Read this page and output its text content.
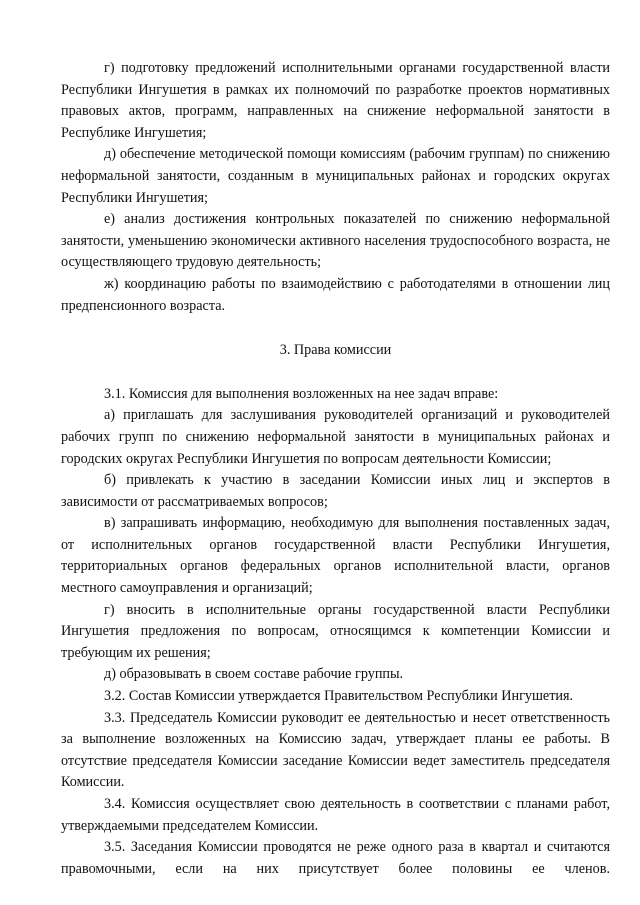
г) подготовку предложений исполнительными органами государственной власти Республики Ингушетия в рамках их полномочий по разработке проектов нормативных правовых актов, программ, направленных на снижение неформальной занятости в Республике Ингушетия;

д) обеспечение методической помощи комиссиям (рабочим группам) по снижению неформальной занятости, созданным в муниципальных районах и городских округах Республики Ингушетия;

е) анализ достижения контрольных показателей по снижению неформальной занятости, уменьшению экономически активного населения трудоспособного возраста, не осуществляющего трудовую деятельность;

ж) координацию работы по взаимодействию с работодателями в отношении лиц предпенсионного возраста.

3. Права комиссии

3.1. Комиссия для выполнения возложенных на нее задач вправе:

а) приглашать для заслушивания руководителей организаций и руководителей рабочих групп по снижению неформальной занятости в муниципальных районах и городских округах Республики Ингушетия по вопросам деятельности Комиссии;

б) привлекать к участию в заседании Комиссии иных лиц и экспертов в зависимости от рассматриваемых вопросов;

в) запрашивать информацию, необходимую для выполнения поставленных задач, от исполнительных органов государственной власти Республики Ингушетия, территориальных органов федеральных органов исполнительной власти, органов местного самоуправления и организаций;

г) вносить в исполнительные органы государственной власти Республики Ингушетия предложения по вопросам, относящимся к компетенции Комиссии и требующим их решения;

д) образовывать в своем составе рабочие группы.

3.2. Состав Комиссии утверждается Правительством Республики Ингушетия.

3.3. Председатель Комиссии руководит ее деятельностью и несет ответственность за выполнение возложенных на Комиссию задач, утверждает планы ее работы. В отсутствие председателя Комиссии заседание Комиссии ведет заместитель председателя Комиссии.

3.4. Комиссия осуществляет свою деятельность в соответствии с планами работ, утверждаемыми председателем Комиссии.

3.5. Заседания Комиссии проводятся не реже одного раза в квартал и считаются правомочными, если на них присутствует более половины ее членов.
